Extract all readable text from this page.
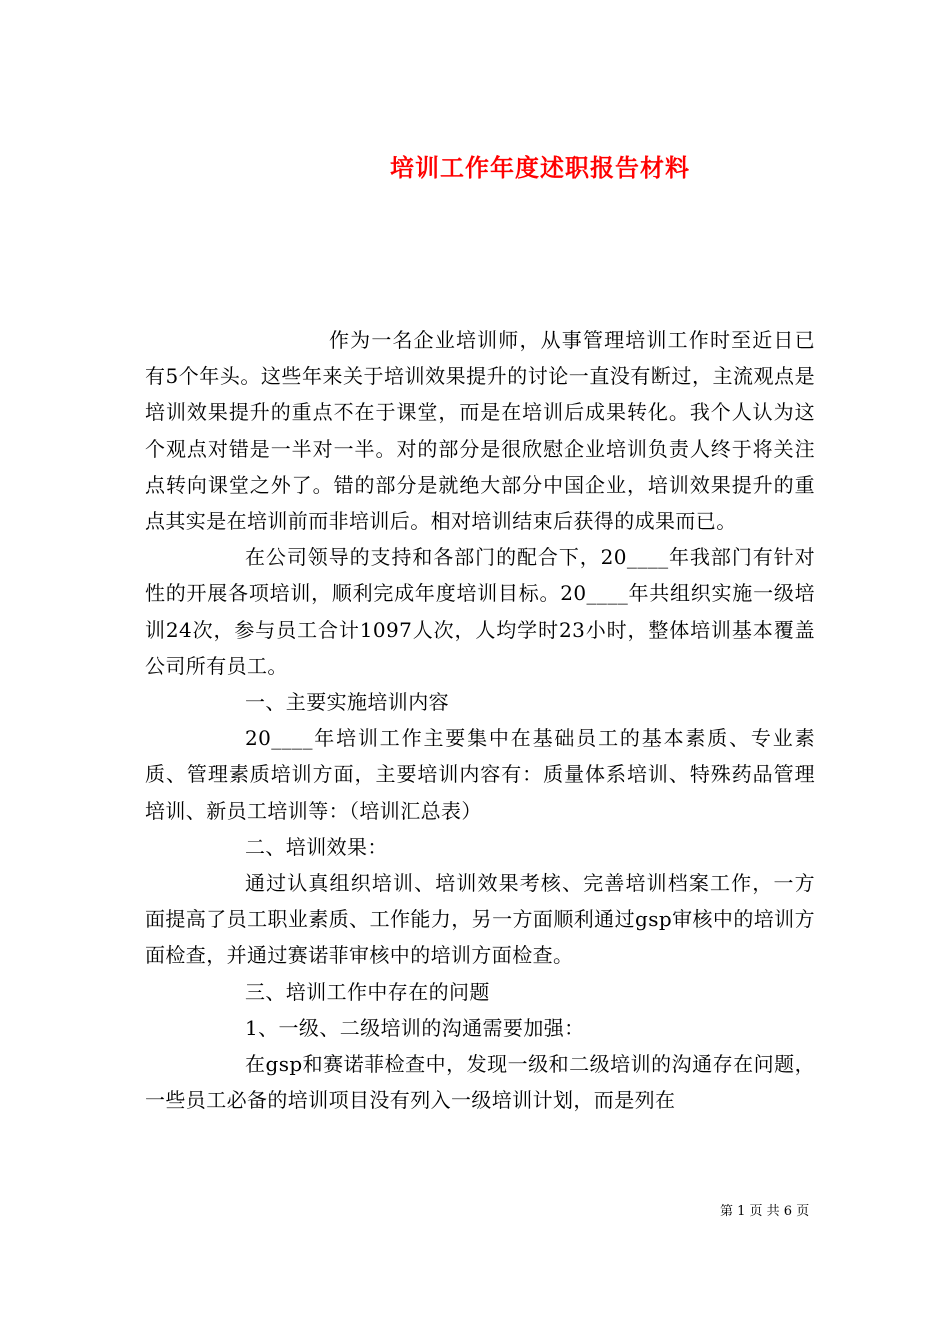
培训工作年度述职报告材料

作为一名企业培训师，从事管理培训工作时至近日已有5个年头。这些年来关于培训效果提升的讨论一直没有断过，主流观点是培训效果提升的重点不在于课堂，而是在培训后成果转化。我个人认为这个观点对错是一半对一半。对的部分是很欣慰企业培训负责人终于将关注点转向课堂之外了。错的部分是就绝大部分中国企业，培训效果提升的重点其实是在培训前而非培训后。相对培训结束后获得的成果而已。

在公司领导的支持和各部门的配合下，20____年我部门有针对性的开展各项培训，顺利完成年度培训目标。20____年共组织实施一级培训24次，参与员工合计1097人次，人均学时23小时，整体培训基本覆盖公司所有员工。

一、主要实施培训内容

20____年培训工作主要集中在基础员工的基本素质、专业素质、管理素质培训方面，主要培训内容有：质量体系培训、特殊药品管理培训、新员工培训等：（培训汇总表）

二、培训效果：

通过认真组织培训、培训效果考核、完善培训档案工作，一方面提高了员工职业素质、工作能力，另一方面顺利通过gsp审核中的培训方面检查，并通过赛诺菲审核中的培训方面检查。

三、培训工作中存在的问题

1、一级、二级培训的沟通需要加强：

在gsp和赛诺菲检查中，发现一级和二级培训的沟通存在问题，一些员工必备的培训项目没有列入一级培训计划，而是列在

第 1 页 共 6 页
